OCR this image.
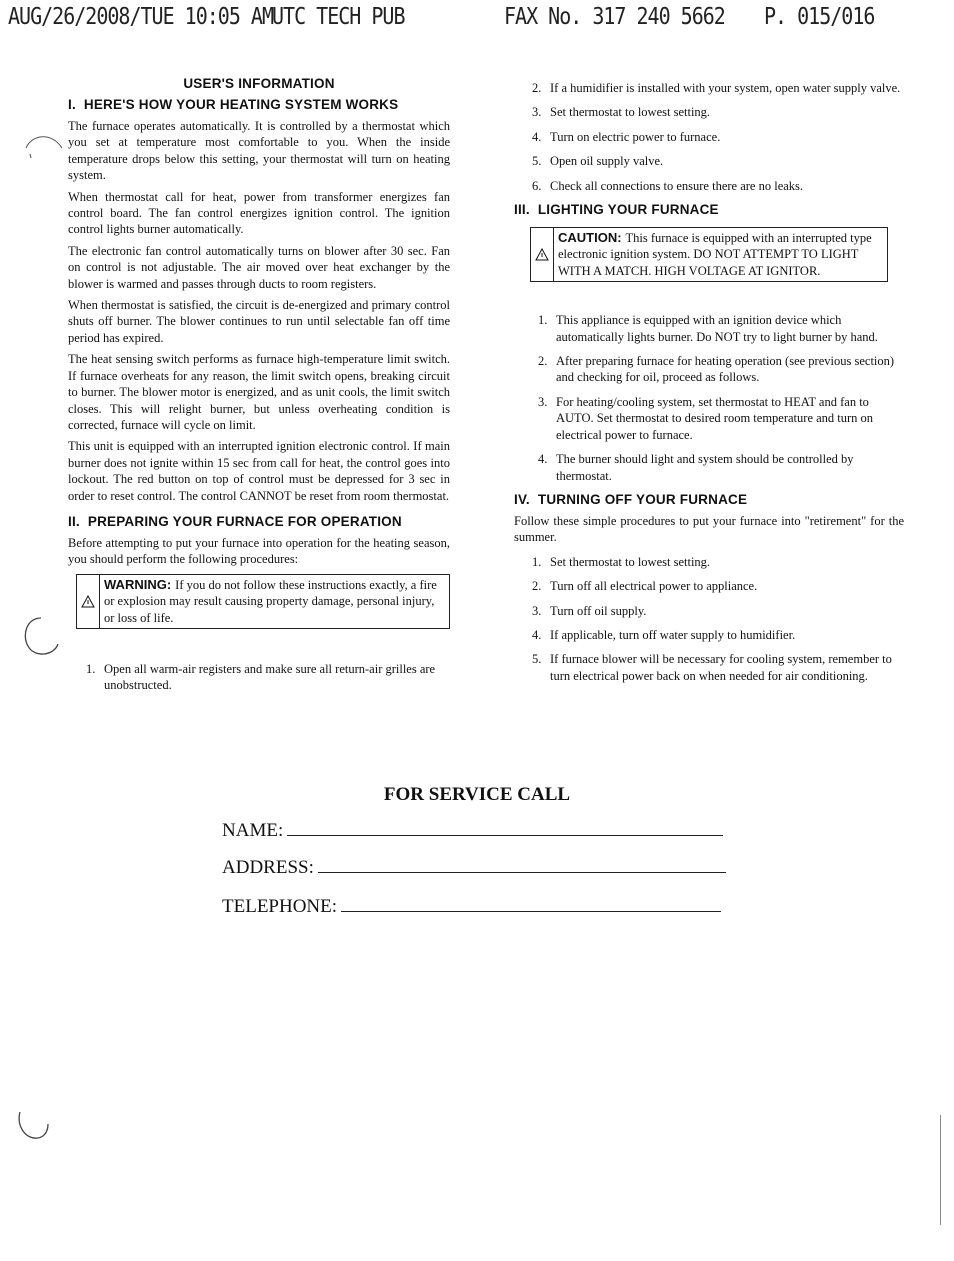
AUG/26/2008/TUE 10:05 AM UTC TECH PUB	FAX No. 317 240 5662 P. 015/016
USER'S INFORMATION
I. HERE'S HOW YOUR HEATING SYSTEM WORKS

The furnace operates automatically. It is controlled by a thermostat which you set at temperature most comfortable to you. When the inside temperature drops below this setting, your thermostat will turn on heating system.

When thermostat call for heat, power from transformer energizes fan control board. The fan control energizes ignition control. The ignition control lights burner automatically.

The electronic fan control automatically turns on blower after 30 sec. Fan on control is not adjustable. The air moved over heat exchanger by the blower is warmed and passes through ducts to room registers.

When thermostat is satisfied, the circuit is de-energized and primary control shuts off burner. The blower continues to run until selectable fan off time period has expired.

The heat sensing switch performs as furnace high-temperature limit switch. If furnace overheats for any reason, the limit switch opens, breaking circuit to burner. The blower motor is energized, and as unit cools, the limit switch closes. This will relight burner, but unless overheating condition is corrected, furnace will cycle on limit.

This unit is equipped with an interrupted ignition electronic control. If main burner does not ignite within 15 sec from call for heat, the control goes into lockout. The red button on top of control must be depressed for 3 sec in order to reset control. The control CANNOT be reset from room thermostat.

II. PREPARING YOUR FURNACE FOR OPERATION

Before attempting to put your furnace into operation for the heating season, you should perform the following procedures:

WARNING: If you do not follow these instructions exactly, a fire or explosion may result causing property damage, personal injury, or loss of life.
1. Open all warm-air registers and make sure all return-air grilles are unobstructed.
2. If a humidifier is installed with your system, open water supply valve.
3. Set thermostat to lowest setting.
4. Turn on electric power to furnace.
5. Open oil supply valve.
6. Check all connections to ensure there are no leaks.
III. LIGHTING YOUR FURNACE
CAUTION: This furnace is equipped with an interrupted type electronic ignition system. DO NOT ATTEMPT TO LIGHT WITH A MATCH. HIGH VOLTAGE AT IGNITOR.
1. This appliance is equipped with an ignition device which automatically lights burner. Do NOT try to light burner by hand.
2. After preparing furnace for heating operation (see previous section) and checking for oil, proceed as follows.
3. For heating/cooling system, set thermostat to HEAT and fan to AUTO. Set thermostat to desired room temperature and turn on electrical power to furnace.
4. The burner should light and system should be controlled by thermostat.
IV. TURNING OFF YOUR FURNACE

Follow these simple procedures to put your furnace into "retirement" for the summer.

1. Set thermostat to lowest setting.
2. Turn off all electrical power to appliance.
3. Turn off oil supply.
4. If applicable, turn off water supply to humidifier.
5. If furnace blower will be necessary for cooling system, remember to turn electrical power back on when needed for air conditioning.
FOR SERVICE CALL
NAME:
ADDRESS:
TELEPHONE:
